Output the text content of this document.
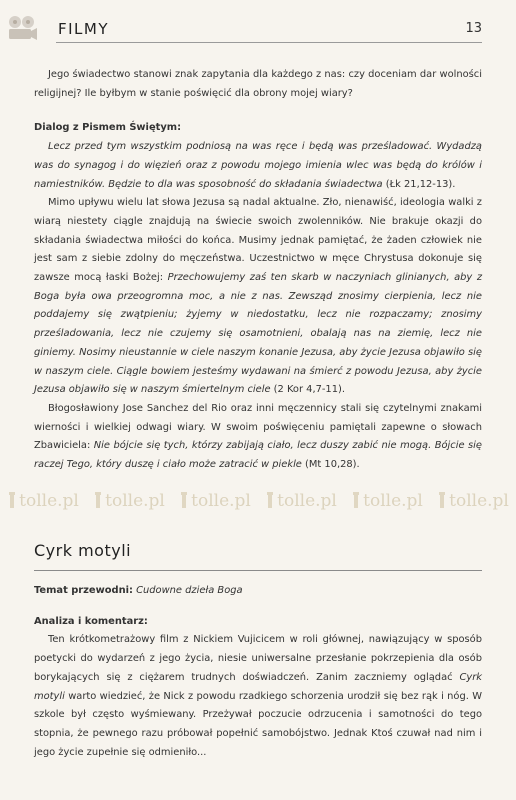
FILMY	13

Jego świadectwo stanowi znak zapytania dla każdego z nas: czy doceniam dar wolności religijnej? Ile byłbym w stanie poświęcić dla obrony mojej wiary?

Dialog z Pismem Świętym:

Lecz przed tym wszystkim podniosą na was ręce i będą was prześladować. Wydadzą was do synagog i do więzień oraz z powodu mojego imienia wlec was będą do królów i namiestników. Będzie to dla was sposobność do składania świadectwa (Łk 21,12-13).

Mimo upływu wielu lat słowa Jezusa są nadal aktualne. Zło, nienawiść, ideologia walki z wiarą niestety ciągle znajdują na świecie swoich zwolenników. Nie brakuje okazji do składania świadectwa miłości do końca. Musimy jednak pamiętać, że żaden człowiek nie jest sam z siebie zdolny do męczeństwa. Uczestnictwo w męce Chrystusa dokonuje się zawsze mocą łaski Bożej: Przechowujemy zaś ten skarb w naczyniach glinianych, aby z Boga była owa przeogromna moc, a nie z nas. Zewsząd znosimy cierpienia, lecz nie poddajemy się zwątpieniu; żyjemy w niedostatku, lecz nie rozpaczamy; znosimy prześladowania, lecz nie czujemy się osamotnieni, obalają nas na ziemię, lecz nie giniemy. Nosimy nieustannie w ciele naszym konanie Jezusa, aby życie Jezusa objawiło się w naszym ciele. Ciągle bowiem jesteśmy wydawani na śmierć z powodu Jezusa, aby życie Jezusa objawiło się w naszym śmiertelnym ciele (2 Kor 4,7-11).

Błogosławiony Jose Sanchez del Rio oraz inni męczennicy stali się czytelnymi znakami wierności i wielkiej odwagi wiary. W swoim poświęceniu pamiętali zapewne o słowach Zbawiciela: Nie bójcie się tych, którzy zabijają ciało, lecz duszy zabić nie mogą. Bójcie się raczej Tego, który duszę i ciało może zatracić w piekle (Mt 10,28).

tolle.pl tolle.pl tolle.pl tolle.pl tolle.pl tolle.pl
Cyrk motyli

Temat przewodni: Cudowne dzieła Boga

Analiza i komentarz:

Ten krótkometrażowy film z Nickiem Vujicicem w roli głównej, nawiązujący w sposób poetycki do wydarzeń z jego życia, niesie uniwersalne przesłanie pokrzepienia dla osób borykających się z ciężarem trudnych doświadczeń. Zanim zaczniemy oglądać Cyrk motyli warto wiedzieć, że Nick z powodu rzadkiego schorzenia urodził się bez rąk i nóg. W szkole był często wyśmiewany. Przeżywał poczucie odrzucenia i samotności do tego stopnia, że pewnego razu próbował popełnić samobójstwo. Jednak Ktoś czuwał nad nim i jego życie zupełnie się odmieniło...
